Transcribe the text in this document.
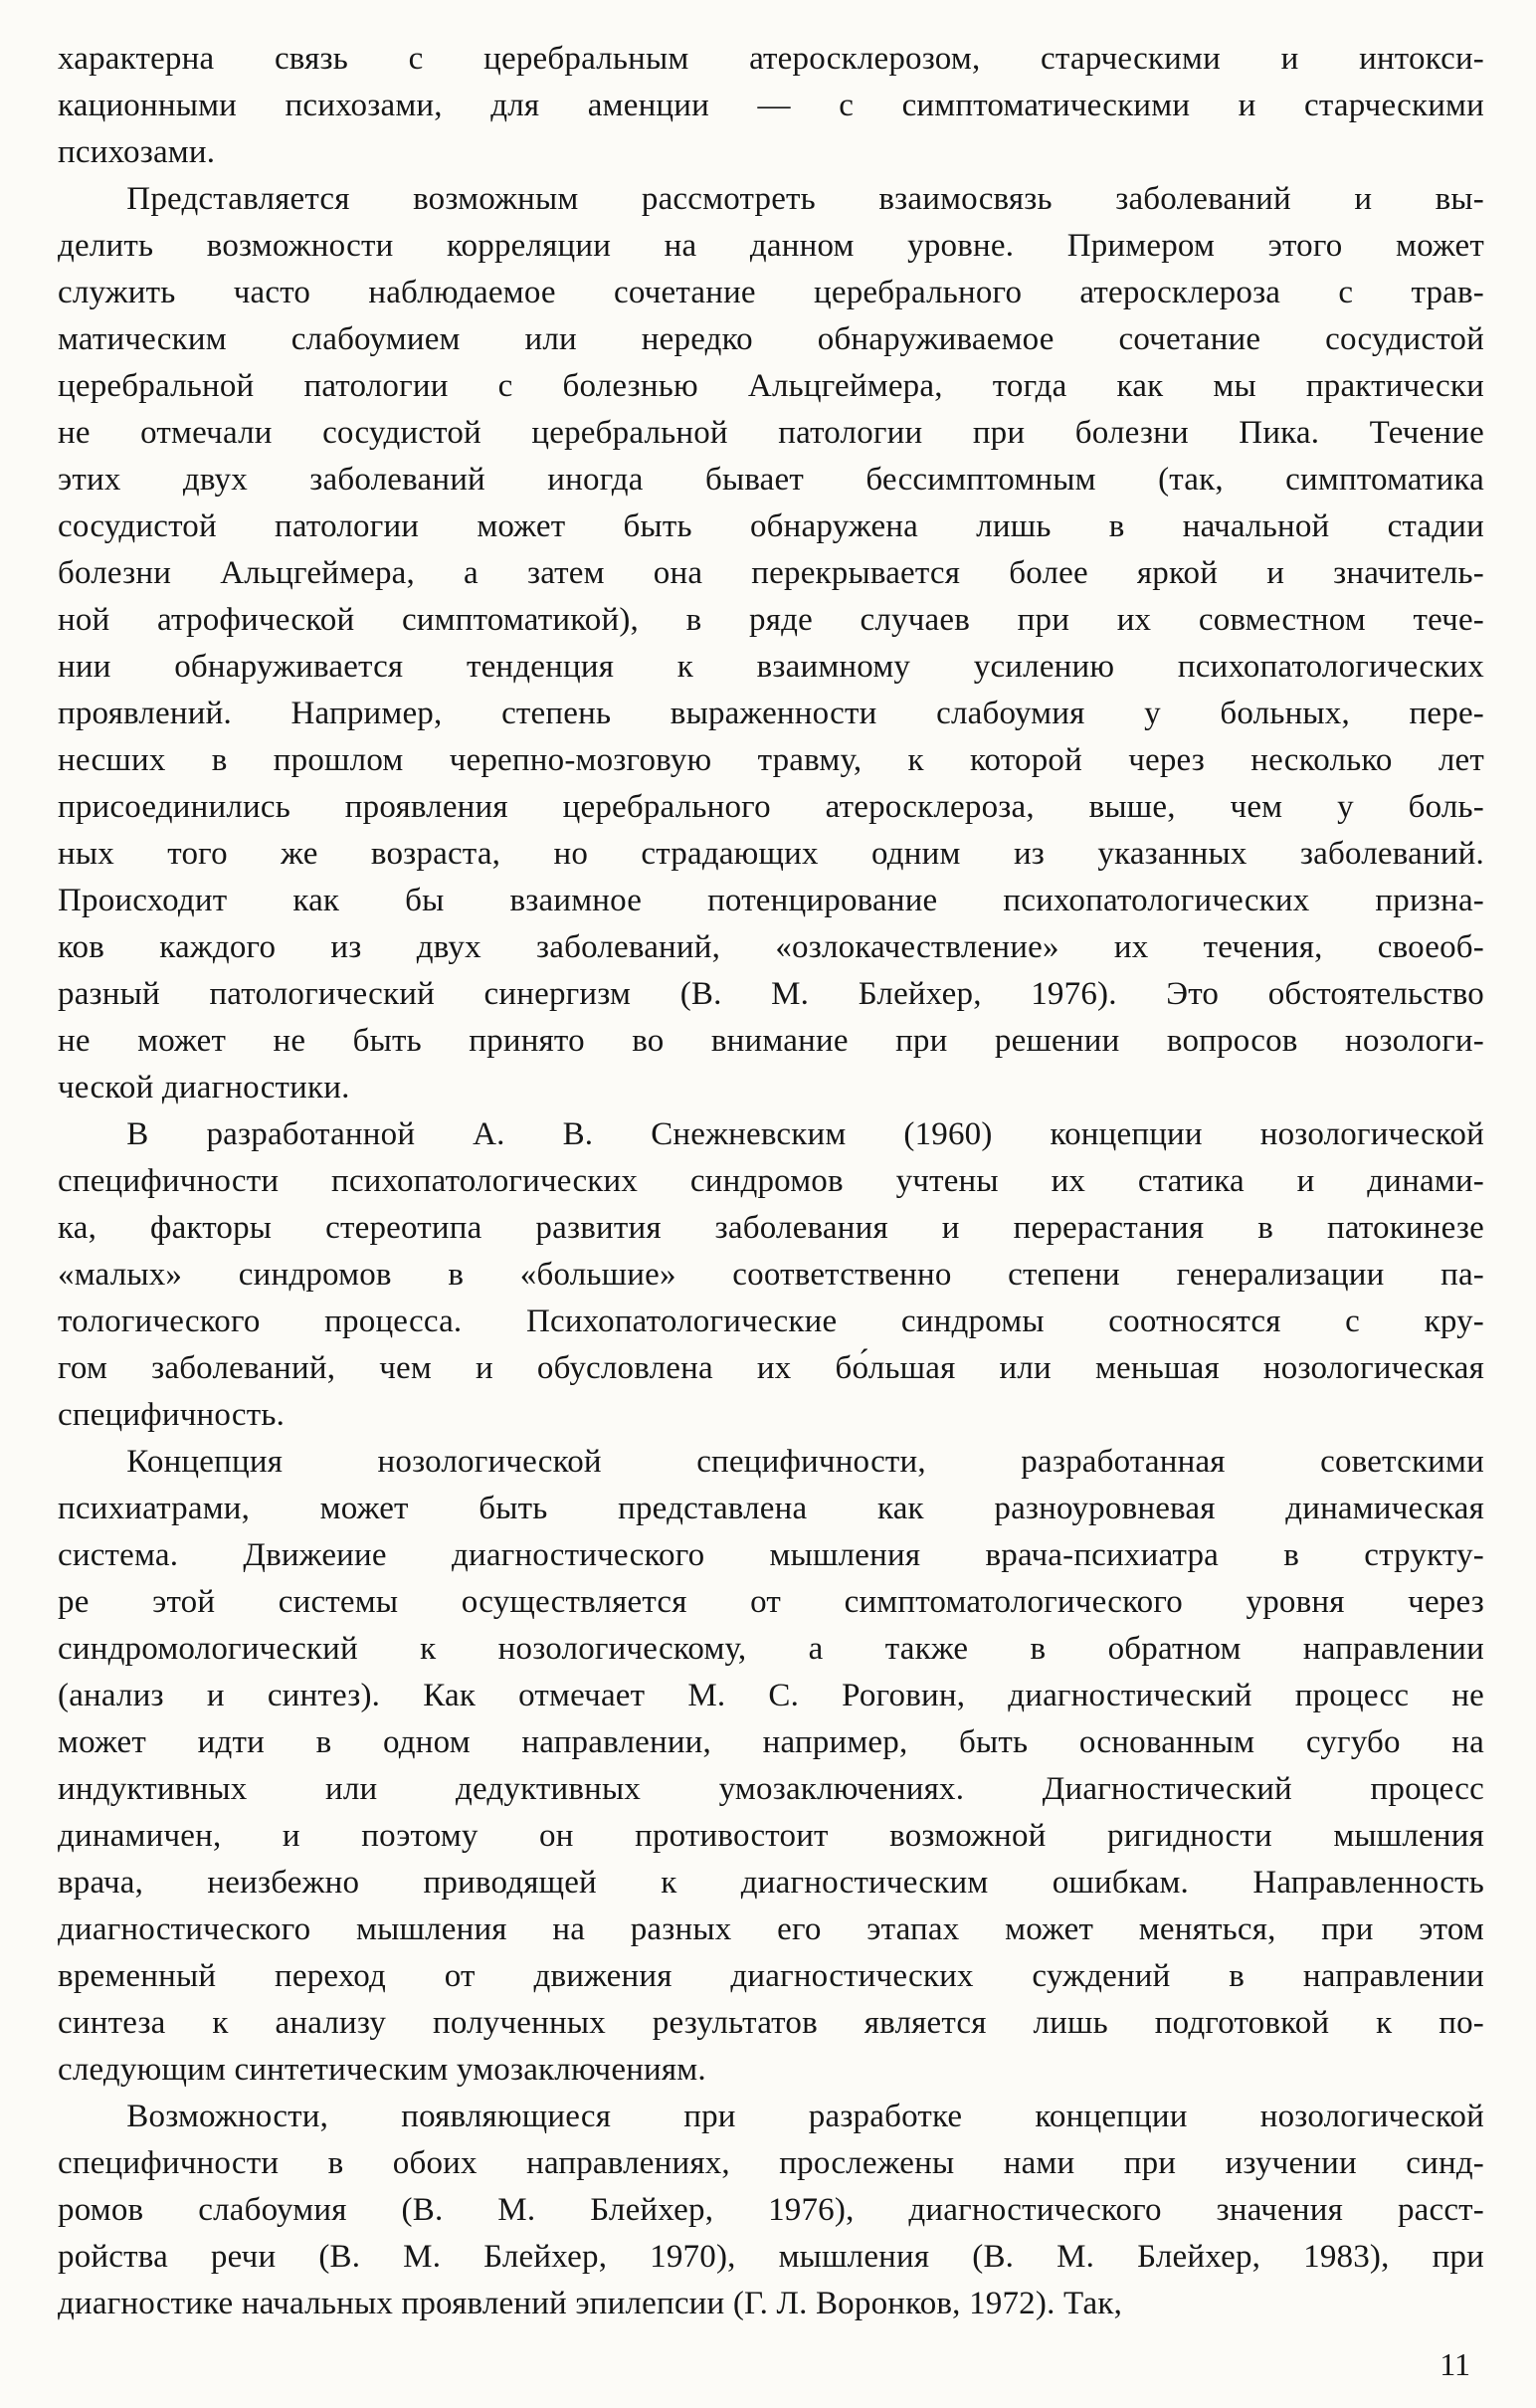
характерна связь с церебральным атеросклерозом, старческими и интокси-
кационными психозами, для аменции — с симптоматическими и старческими
психозами.

Представляется возможным рассмотреть взаимосвязь заболеваний и вы-
делить возможности корреляции на данном уровне. Примером этого может
служить часто наблюдаемое сочетание церебрального атеросклероза с трав-
матическим слабоумием или нередко обнаруживаемое сочетание сосудистой
церебральной патологии с болезнью Альцгеймера, тогда как мы практически
не отмечали сосудистой церебральной патологии при болезни Пика. Течение
этих двух заболеваний иногда бывает бессимптомным (так, симптоматика
сосудистой патологии может быть обнаружена лишь в начальной стадии
болезни Альцгеймера, а затем она перекрывается более яркой и значитель-
ной атрофической симптоматикой), в ряде случаев при их совместном тече-
нии обнаруживается тенденция к взаимному усилению психопатологических
проявлений. Например, степень выраженности слабоумия у больных, пере-
несших в прошлом черепно-мозговую травму, к которой через несколько лет
присоединились проявления церебрального атеросклероза, выше, чем у боль-
ных того же возраста, но страдающих одним из указанных заболеваний.
Происходит как бы взаимное потенцирование психопатологических призна-
ков каждого из двух заболеваний, «озлокачествление» их течения, своеоб-
разный патологический синергизм (В. М. Блейхер, 1976). Это обстоятельство
не может не быть принято во внимание при решении вопросов нозологи-
ческой диагностики.

В разработанной А. В. Снежневским (1960) концепции нозологической
специфичности психопатологических синдромов учтены их статика и динами-
ка, факторы стереотипа развития заболевания и перерастания в патокинезе
«малых» синдромов в «большие» соответственно степени генерализации па-
тологического процесса. Психопатологические синдромы соотносятся с кру-
гом заболеваний, чем и обусловлена их бо́льшая или меньшая нозологическая
специфичность.

Концепция нозологической специфичности, разработанная советскими
психиатрами, может быть представлена как разноуровневая динамическая
система. Движеиие диагностического мышления врача-психиатра в структу-
ре этой системы осуществляется от симптоматологического уровня через
синдромологический к нозологическому, а также в обратном направлении
(анализ и синтез). Как отмечает М. С. Роговин, диагностический процесс не
может идти в одном направлении, например, быть основанным сугубо на
индуктивных или дедуктивных умозаключениях. Диагностический процесс
динамичен, и поэтому он противостоит возможной ригидности мышления
врача, неизбежно приводящей к диагностическим ошибкам. Направленность
диагностического мышления на разных его этапах может меняться, при этом
временный переход от движения диагностических суждений в направлении
синтеза к анализу полученных результатов является лишь подготовкой к по-
следующим синтетическим умозаключениям.

Возможности, появляющиеся при разработке концепции нозологической
специфичности в обоих направлениях, прослежены нами при изучении синд-
ромов слабоумия (В. М. Блейхер, 1976), диагностического значения расст-
ройства речи (В. М. Блейхер, 1970), мышления (В. М. Блейхер, 1983), при
диагностике начальных проявлений эпилепсии (Г. Л. Воронков, 1972). Так,

11
